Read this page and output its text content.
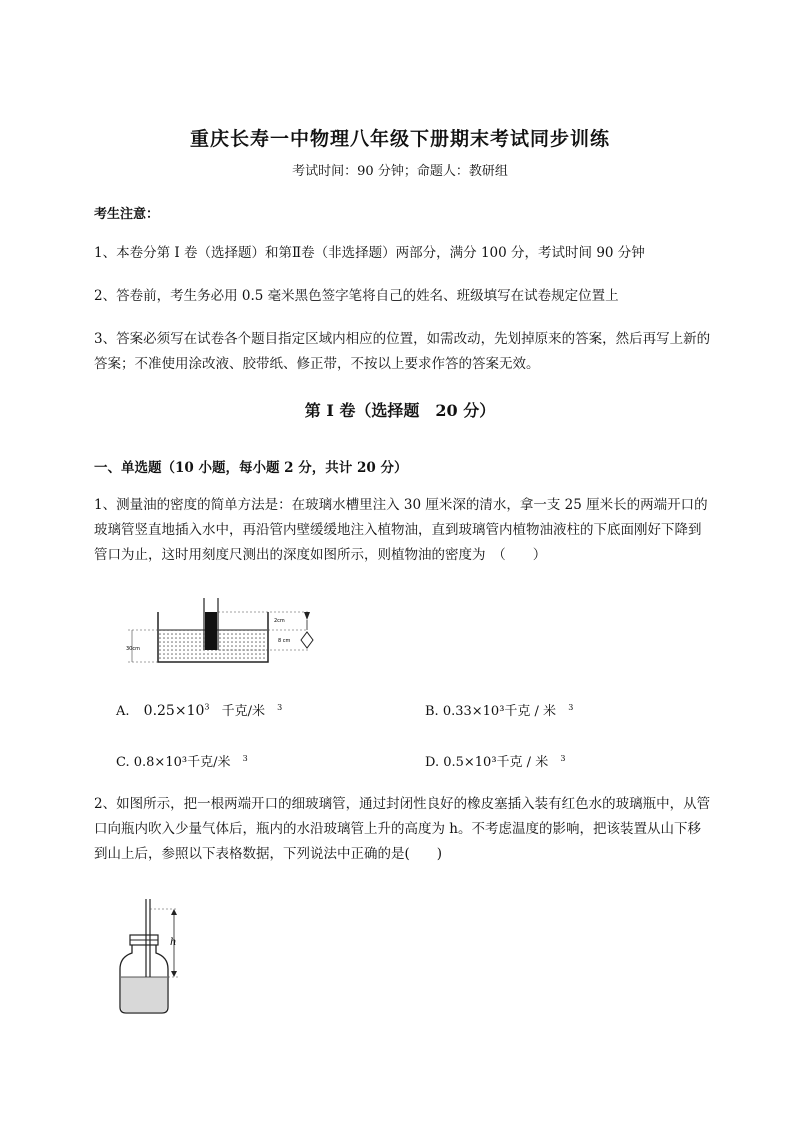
重庆长寿一中物理八年级下册期末考试同步训练
考试时间：90 分钟；命题人：教研组
考生注意：
1、本卷分第 I 卷（选择题）和第Ⅱ卷（非选择题）两部分，满分 100 分，考试时间 90 分钟
2、答卷前，考生务必用 0.5 毫米黑色签字笔将自己的姓名、班级填写在试卷规定位置上
3、答案必须写在试卷各个题目指定区域内相应的位置，如需改动，先划掉原来的答案，然后再写上新的答案；不准使用涂改液、胶带纸、修正带，不按以上要求作答的答案无效。
第 I 卷（选择题　20 分）
一、单选题（10 小题，每小题 2 分，共计 20 分）
1、测量油的密度的简单方法是：在玻璃水槽里注入 30 厘米深的清水，拿一支 25 厘米长的两端开口的玻璃管竖直地插入水中，再沿管内壁缓缓地注入植物油，直到玻璃管内植物油液柱的下底面刚好下降到管口为止，这时用刻度尺测出的深度如图所示，则植物油的密度为　（　　）
30cm
2cm
8 cm
A. $0.25\times 10^3$ 千克/米 $^3$	B. 0.33×10³千克 / 米 $^3$
C. 0.8×10³千克/米 $^3$	D. 0.5×10³千克 / 米 $^3$
2、如图所示，把一根两端开口的细玻璃管，通过封闭性良好的橡皮塞插入装有红色水的玻璃瓶中，从管口向瓶内吹入少量气体后，瓶内的水沿玻璃管上升的高度为 h。不考虑温度的影响，把该装置从山下移到山上后，参照以下表格数据，下列说法中正确的是(　　)
h
